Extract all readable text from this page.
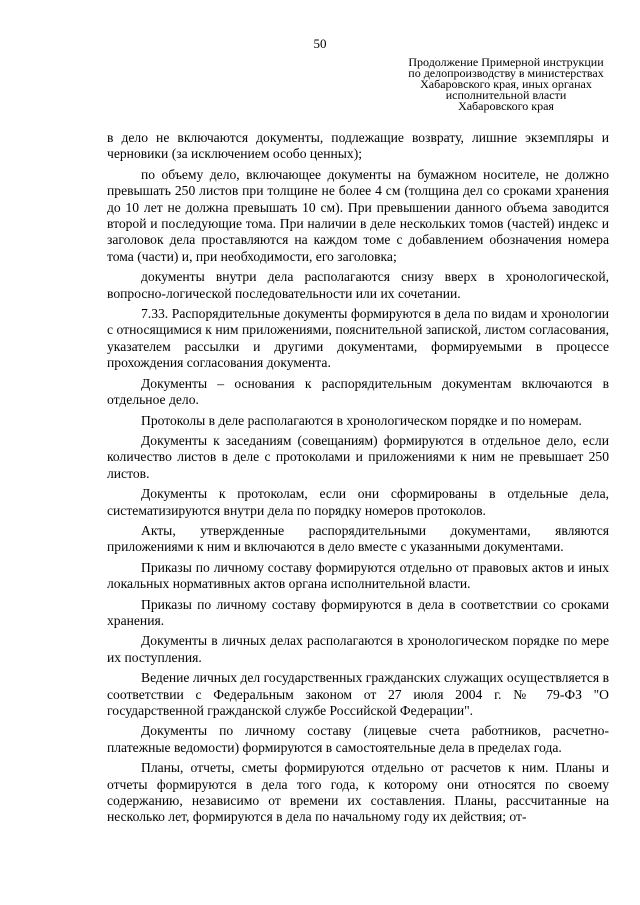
50
Продолжение Примерной инструкции
по делопроизводству в министерствах
Хабаровского края, иных органах
исполнительной власти
Хабаровского края

в дело не включаются документы, подлежащие возврату, лишние экземпляры и черновики (за исключением особо ценных);

по объему дело, включающее документы на бумажном носителе, не должно превышать 250 листов при толщине не более 4 см (толщина дел со сроками хранения до 10 лет не должна превышать 10 см). При превышении данного объема заводится второй и последующие тома. При наличии в деле нескольких томов (частей) индекс и заголовок дела проставляются на каждом томе с добавлением обозначения номера тома (части) и, при необходимости, его заголовка;

документы внутри дела располагаются снизу вверх в хронологической, вопросно-логической последовательности или их сочетании.

7.33. Распорядительные документы формируются в дела по видам и хронологии с относящимися к ним приложениями, пояснительной запиской, листом согласования, указателем рассылки и другими документами, формируемыми в процессе прохождения согласования документа.

Документы – основания к распорядительным документам включаются в отдельное дело.

Протоколы в деле располагаются в хронологическом порядке и по номерам.

Документы к заседаниям (совещаниям) формируются в отдельное дело, если количество листов в деле с протоколами и приложениями к ним не превышает 250 листов.

Документы к протоколам, если они сформированы в отдельные дела, систематизируются внутри дела по порядку номеров протоколов.

Акты, утвержденные распорядительными документами, являются приложениями к ним и включаются в дело вместе с указанными документами.

Приказы по личному составу формируются отдельно от правовых актов и иных локальных нормативных актов органа исполнительной власти.

Приказы по личному составу формируются в дела в соответствии со сроками хранения.

Документы в личных делах располагаются в хронологическом порядке по мере их поступления.

Ведение личных дел государственных гражданских служащих осуществляется в соответствии с Федеральным законом от 27 июля 2004 г. № 79-ФЗ "О государственной гражданской службе Российской Федерации".

Документы по личному составу (лицевые счета работников, расчетно-платежные ведомости) формируются в самостоятельные дела в пределах года.

Планы, отчеты, сметы формируются отдельно от расчетов к ним. Планы и отчеты формируются в дела того года, к которому они относятся по своему содержанию, независимо от времени их составления. Планы, рассчитанные на несколько лет, формируются в дела по начальному году их действия; от-
